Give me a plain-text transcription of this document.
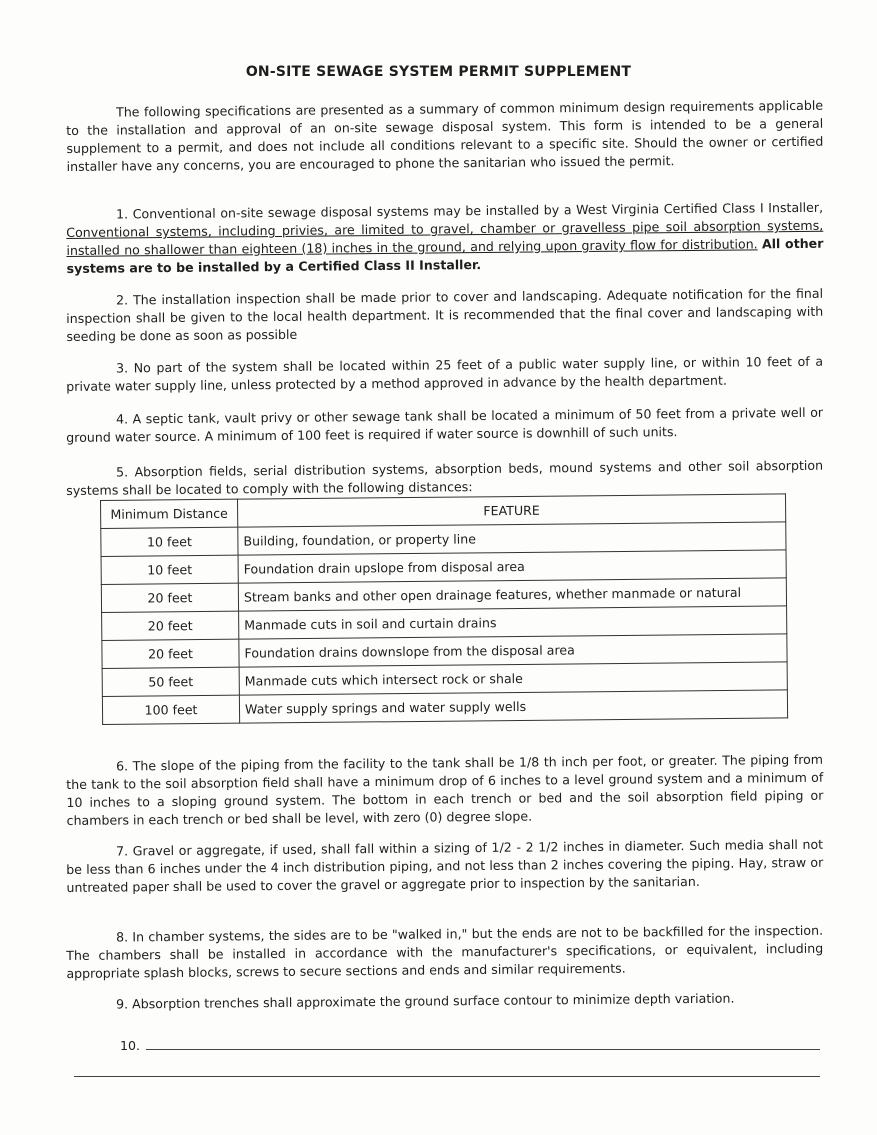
ON-SITE SEWAGE SYSTEM PERMIT SUPPLEMENT

The following specifications are presented as a summary of common minimum design requirements applicable to the installation and approval of an on-site sewage disposal system. This form is intended to be a general supplement to a permit, and does not include all conditions relevant to a specific site. Should the owner or certified installer have any concerns, you are encouraged to phone the sanitarian who issued the permit.

1. Conventional on-site sewage disposal systems may be installed by a West Virginia Certified Class I Installer, Conventional systems, including privies, are limited to gravel, chamber or gravelless pipe soil absorption systems, installed no shallower than eighteen (18) inches in the ground, and relying upon gravity flow for distribution. All other systems are to be installed by a Certified Class II Installer.

2. The installation inspection shall be made prior to cover and landscaping. Adequate notification for the final inspection shall be given to the local health department. It is recommended that the final cover and landscaping with seeding be done as soon as possible

3. No part of the system shall be located within 25 feet of a public water supply line, or within 10 feet of a private water supply line, unless protected by a method approved in advance by the health department.

4. A septic tank, vault privy or other sewage tank shall be located a minimum of 50 feet from a private well or ground water source. A minimum of 100 feet is required if water source is downhill of such units.

5. Absorption fields, serial distribution systems, absorption beds, mound systems and other soil absorption systems shall be located to comply with the following distances:

Minimum Distance	FEATURE
10 feet	Building, foundation, or property line
10 feet	Foundation drain upslope from disposal area
20 feet	Stream banks and other open drainage features, whether manmade or natural
20 feet	Manmade cuts in soil and curtain drains
20 feet	Foundation drains downslope from the disposal area
50 feet	Manmade cuts which intersect rock or shale
100 feet	Water supply springs and water supply wells

6. The slope of the piping from the facility to the tank shall be 1/8 th inch per foot, or greater. The piping from the tank to the soil absorption field shall have a minimum drop of 6 inches to a level ground system and a minimum of 10 inches to a sloping ground system. The bottom in each trench or bed and the soil absorption field piping or chambers in each trench or bed shall be level, with zero (0) degree slope.

7. Gravel or aggregate, if used, shall fall within a sizing of 1/2 - 2 1/2 inches in diameter. Such media shall not be less than 6 inches under the 4 inch distribution piping, and not less than 2 inches covering the piping. Hay, straw or untreated paper shall be used to cover the gravel or aggregate prior to inspection by the sanitarian.

8. In chamber systems, the sides are to be "walked in," but the ends are not to be backfilled for the inspection. The chambers shall be installed in accordance with the manufacturer's specifications, or equivalent, including appropriate splash blocks, screws to secure sections and ends and similar requirements.

9. Absorption trenches shall approximate the ground surface contour to minimize depth variation.

10.
